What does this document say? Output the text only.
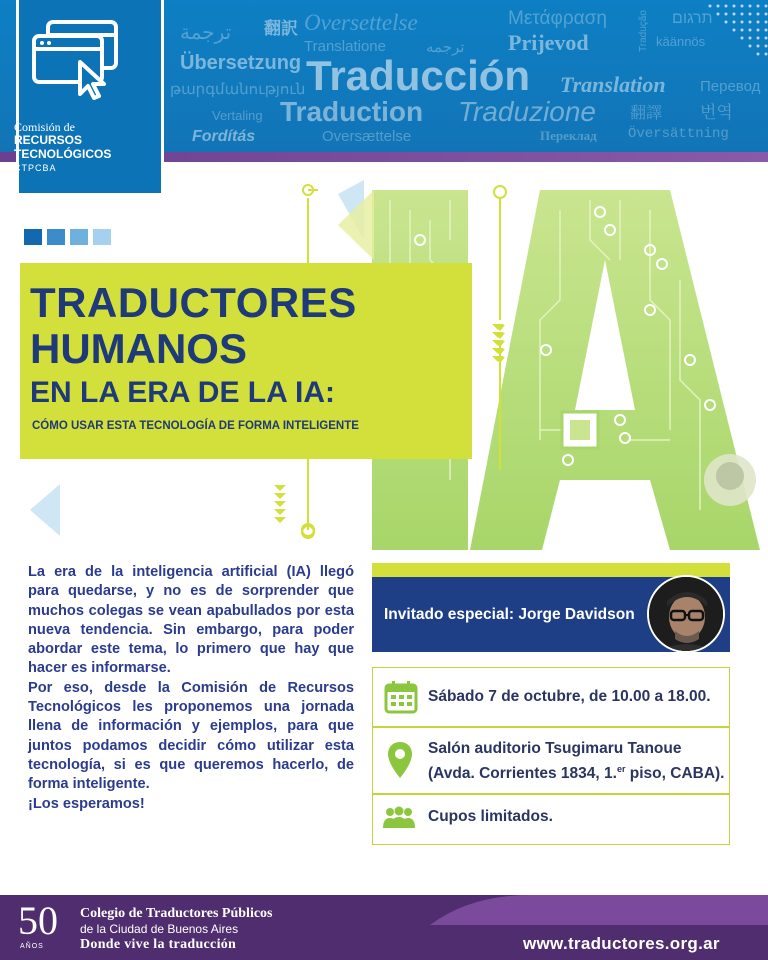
ترجمة 翻訳 Oversettelse	Μετάφραση	תרגום
Translatione	ترجمه Prijevod	Tradução käännös
Übersetzung Traducción Translation Перевод
թարգմանություն
Traduction Traduzione 翻譯 번역
Vertaling
Fordítás	Oversættelse	Переклад Översättning
Comisión de
RECURSOS
TECNOLÓGICOS
CTPCBA
TRADUCTORES
HUMANOS
EN LA ERA DE LA IA:
CÓMO USAR ESTA TECNOLOGÍA DE FORMA INTELIGENTE

La era de la inteligencia artificial (IA) llegó para quedarse, y no es de sorprender que muchos colegas se vean apabullados por esta nueva tendencia. Sin embargo, para poder abordar este tema, lo primero que hay que hacer es informarse.

Por eso, desde la Comisión de Recursos Tecnológicos les proponemos una jornada llena de información y ejemplos, para que juntos podamos decidir cómo utilizar esta tecnología, si es que queremos hacerlo, de forma inteligente.

¡Los esperamos!

Invitado especial: Jorge Davidson
Sábado 7 de octubre, de 10.00 a 18.00.
Salón auditorio Tsugimaru Tanoue
(Avda. Corrientes 1834, 1.$^{er}$ piso, CABA).
Cupos limitados.
50
AÑOS
Colegio de Traductores Públicos
de la Ciudad de Buenos Aires
Donde vive la traducción	www.traductores.org.ar
